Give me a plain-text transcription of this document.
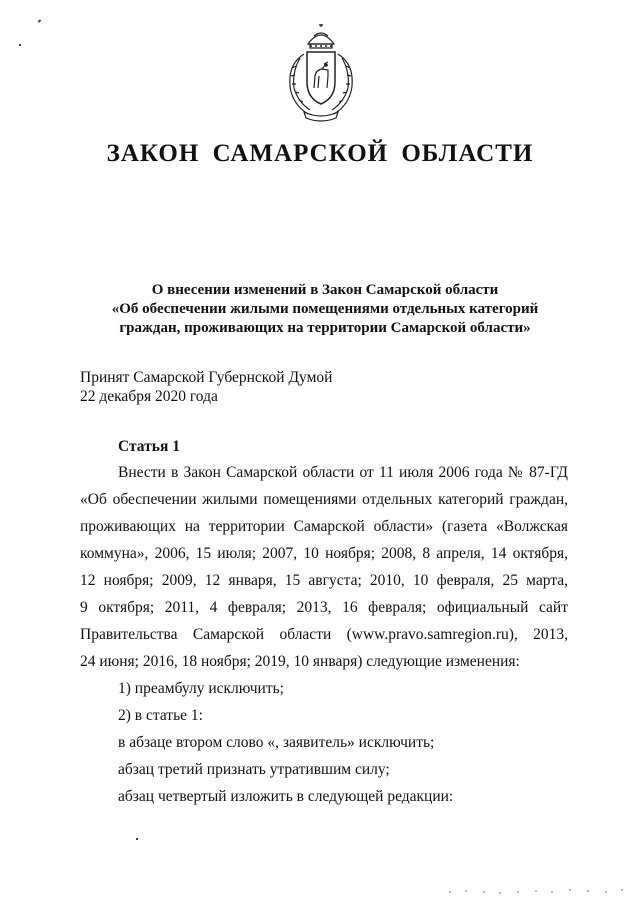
ЗАКОН САМАРСКОЙ ОБЛАСТИ
О внесении изменений в Закон Самарской области
«Об обеспечении жилыми помещениями отдельных категорий
граждан, проживающих на территории Самарской области»
Принят Самарской Губернской Думой
22 декабря 2020 года
Статья 1
Внести в Закон Самарской области от 11 июля 2006 года № 87-ГД
«Об обеспечении жилыми помещениями отдельных категорий граждан,
проживающих на территории Самарской области» (газета «Волжская
коммуна», 2006, 15 июля; 2007, 10 ноября; 2008, 8 апреля, 14 октября,
12 ноября; 2009, 12 января, 15 августа; 2010, 10 февраля, 25 марта,
9 октября; 2011, 4 февраля; 2013, 16 февраля; официальный сайт
Правительства Самарской области (www.pravo.samregion.ru), 2013,
24 июня; 2016, 18 ноября; 2019, 10 января) следующие изменения:
1) преамбулу исключить;
2) в статье 1:
в абзаце втором слово «, заявитель» исключить;
абзац третий признать утратившим силу;
абзац четвертый изложить в следующей редакции:
